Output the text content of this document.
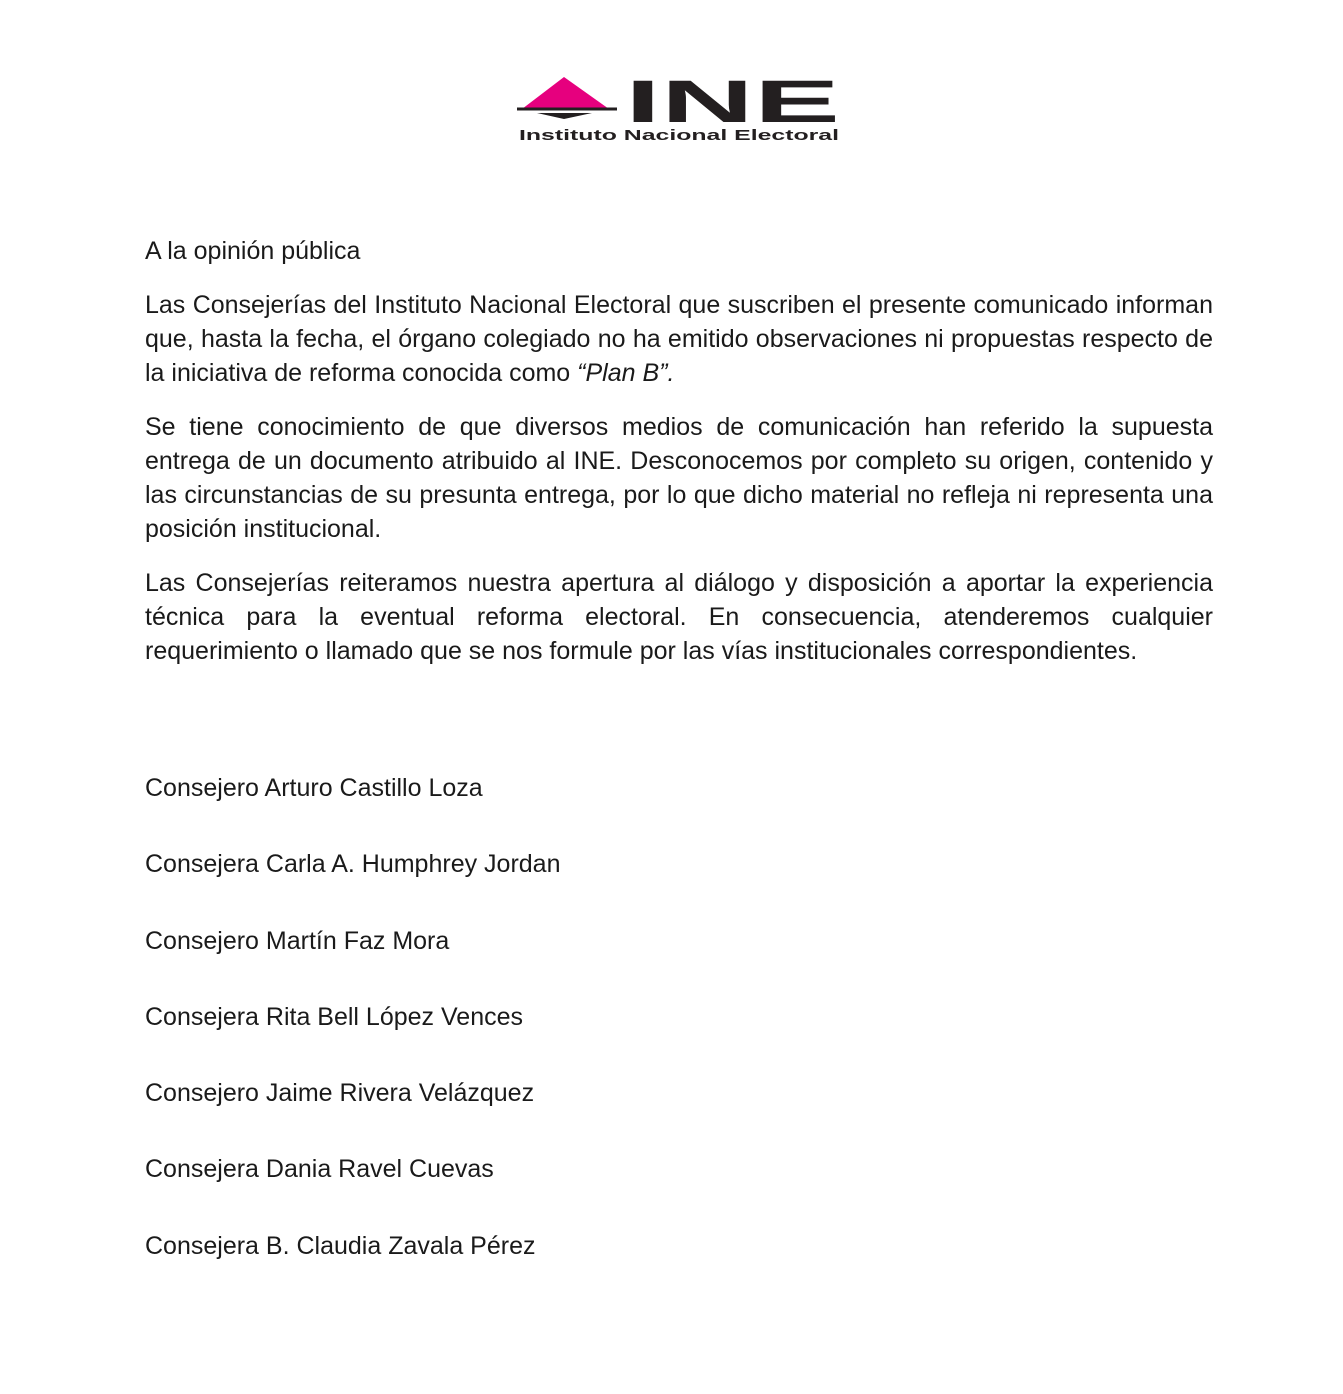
INE
Instituto Nacional Electoral

A la opinión pública

Las Consejerías del Instituto Nacional Electoral que suscriben el presente comunicado informan que, hasta la fecha, el órgano colegiado no ha emitido observaciones ni propuestas respecto de la iniciativa de reforma conocida como “Plan B”.

Se tiene conocimiento de que diversos medios de comunicación han referido la supuesta entrega de un documento atribuido al INE. Desconocemos por completo su origen, contenido y las circunstancias de su presunta entrega, por lo que dicho material no refleja ni representa una posición institucional.

Las Consejerías reiteramos nuestra apertura al diálogo y disposición a aportar la experiencia técnica para la eventual reforma electoral. En consecuencia, atenderemos cualquier requerimiento o llamado que se nos formule por las vías institucionales correspondientes.

Consejero Arturo Castillo Loza
Consejera Carla A. Humphrey Jordan
Consejero Martín Faz Mora
Consejera Rita Bell López Vences
Consejero Jaime Rivera Velázquez
Consejera Dania Ravel Cuevas
Consejera B. Claudia Zavala Pérez
